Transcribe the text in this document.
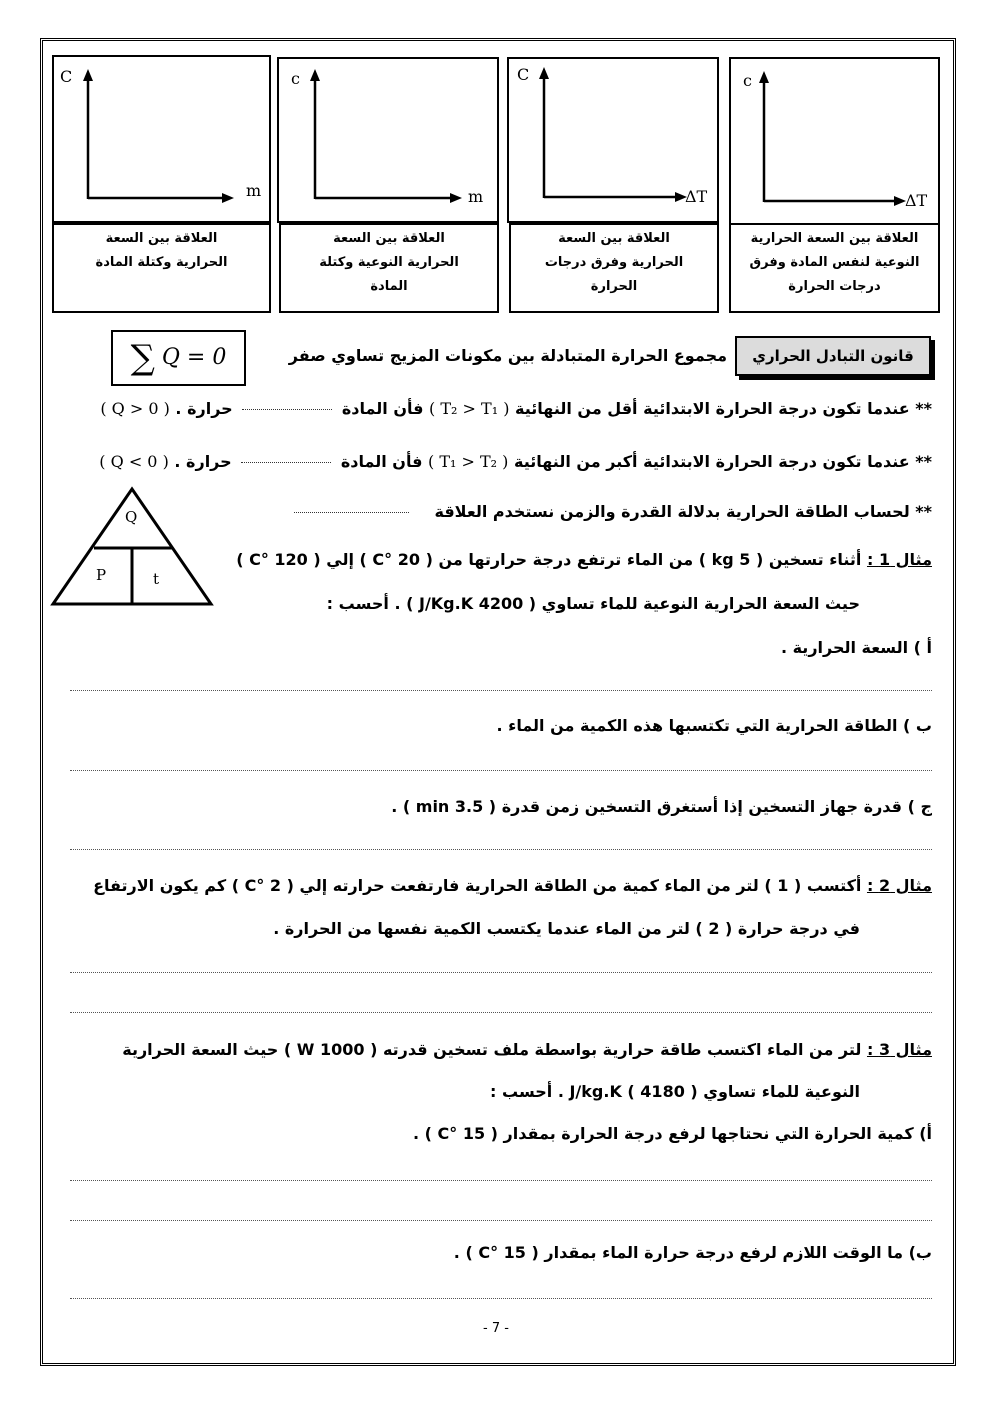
c
ΔT
العلاقة بين السعة الحرارية النوعية لنفس المادة وفرق درجات الحرارة
C
ΔT
العلاقة بين السعة الحرارية وفرق درجات الحرارة
c
m
العلاقة بين السعة الحرارية النوعية وكتلة المادة
C
m
العلاقة بين السعة الحرارية وكتلة المادة
قانون التبادل الحراري
مجموع الحرارة المتبادلة بين مكونات المزيج تساوي صفر
∑ Q = 0
** عندما تكون درجة الحرارة الابتدائية أقل من النهائية ( T₂ > T₁ ) فأن المادة  حرارة . ( Q > 0 )
** عندما تكون درجة الحرارة الابتدائية أكبر من النهائية ( T₁ > T₂ ) فأن المادة  حرارة . ( Q < 0 )
** لحساب الطاقة الحرارية بدلالة القدرة والزمن نستخدم العلاقة
Q
P	t
مثال 1 : أثناء تسخين ( 5 kg ) من الماء ترتفع درجة حرارتها من ( 20 °C ) إلي ( 120 °C )
حيث السعة الحرارية النوعية للماء تساوي ( 4200 J/Kg.K ) . أحسب :
أ ) السعة الحرارية .
ب ) الطاقة الحرارية التي تكتسبها هذه الكمية من الماء .
ج ) قدرة جهاز التسخين إذا أستغرق التسخين زمن قدرة ( 3.5 min ) .
مثال 2 : أكتسب ( 1 ) لتر من الماء كمية من الطاقة الحرارية فارتفعت حرارته إلي ( 2 °C ) كم يكون الارتفاع
في درجة حرارة ( 2 ) لتر من الماء عندما يكتسب الكمية نفسها من الحرارة .
مثال 3 : لتر من الماء اكتسب طاقة حرارية بواسطة ملف تسخين قدرته ( 1000 W ) حيث السعة الحرارية
النوعية للماء تساوي ( 4180 ) J/kg.K . أحسب :
أ) كمية الحرارة التي نحتاجها لرفع درجة الحرارة بمقدار ( 15 °C ) .
ب) ما الوقت اللازم لرفع درجة حرارة الماء بمقدار ( 15 °C ) .
- 7 -
